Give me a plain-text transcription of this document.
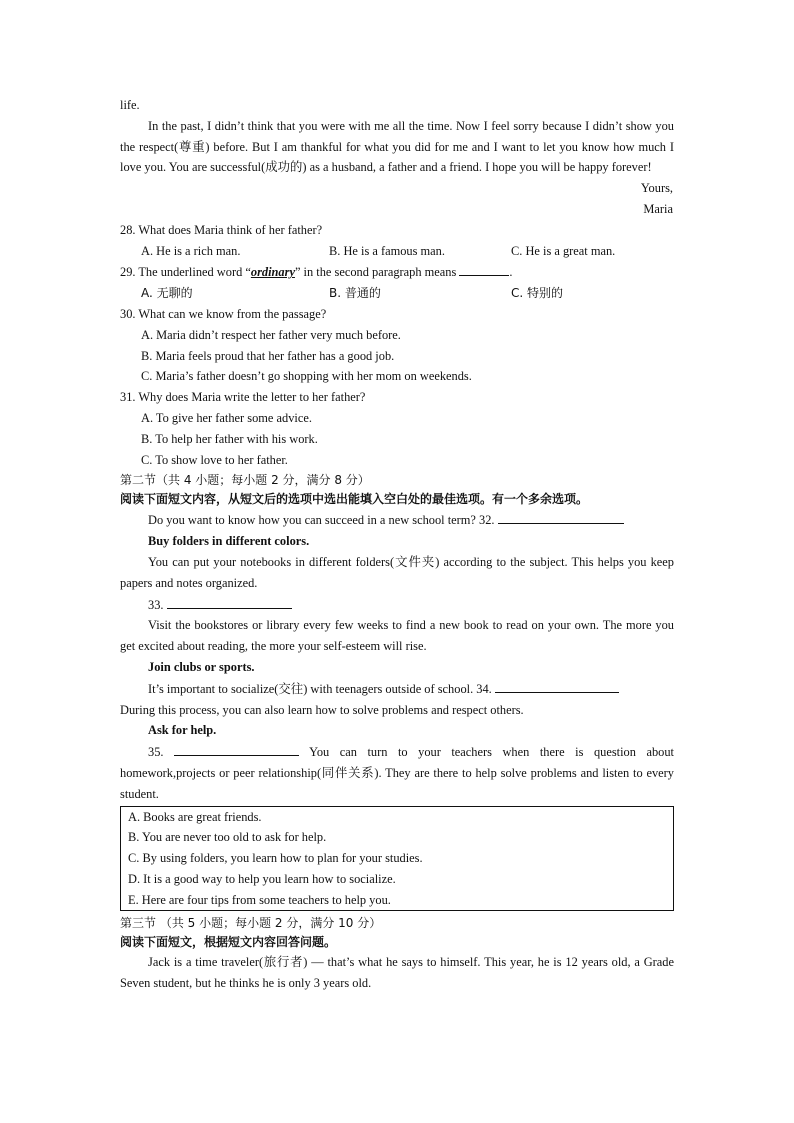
life.

In the past, I didn’t think that you were with me all the time. Now I feel sorry because I didn’t show you the respect(尊重) before. But I am thankful for what you did for me and I want to let you know how much I love you. You are successful(成功的) as a husband, a father and a friend. I hope you will be happy forever!

Yours,

Maria

28. What does Maria think of her father?

A. He is a rich man.	B. He is a famous man.	C. He is a great man.

29. The underlined word “ordinary” in the second paragraph means	.

A. 无聊的	B. 普通的	C. 特别的

30. What can we know from the passage?

A. Maria didn’t respect her father very much before.

B. Maria feels proud that her father has a good job.

C. Maria’s father doesn’t go shopping with her mom on weekends.

31. Why does Maria write the letter to her father?

A. To give her father some advice.

B. To help her father with his work.

C. To show love to her father.

第二节（共 4 小题；每小题 2 分，满分 8 分）

阅读下面短文内容，从短文后的选项中选出能填入空白处的最佳选项。有一个多余选项。

Do you want to know how you can succeed in a new school term? 32.

Buy folders in different colors.

You can put your notebooks in different folders(文件夹) according to the subject. This helps you keep papers and notes organized.

33.

Visit the bookstores or library every few weeks to find a new book to read on your own. The more you get excited about reading, the more your self-esteem will rise.

Join clubs or sports.

It’s important to socialize(交往) with teenagers outside of school. 34.

During this process, you can also learn how to solve problems and respect others.

Ask for help.

35.	You can turn to your teachers when there is question about homework,projects or peer relationship(同伴关系). They are there to help solve problems and listen to every student.

A. Books are great friends.

B. You are never too old to ask for help.

C. By using folders, you learn how to plan for your studies.

D. It is a good way to help you learn how to socialize.

E. Here are four tips from some teachers to help you.

第三节 （共 5 小题；每小题 2 分，满分 10 分）

阅读下面短文，根据短文内容回答问题。

Jack is a time traveler(旅行者) — that’s what he says to himself. This year, he is 12 years old, a Grade Seven student, but he thinks he is only 3 years old.
